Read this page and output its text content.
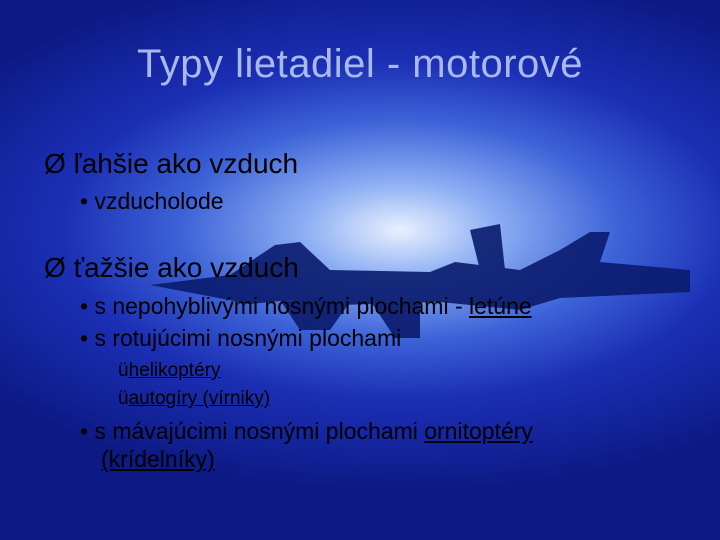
Typy lietadiel - motorové
Ø ľahšie ako vzduch
• vzducholode
Ø ťažšie ako vzduch
• s nepohyblivými nosnými plochami - letúne
• s rotujúcimi nosnými plochami
ühelikoptéry
üautogíry (vírniky)
• s mávajúcimi nosnými plochami ornitoptéry
(krídelníky)
